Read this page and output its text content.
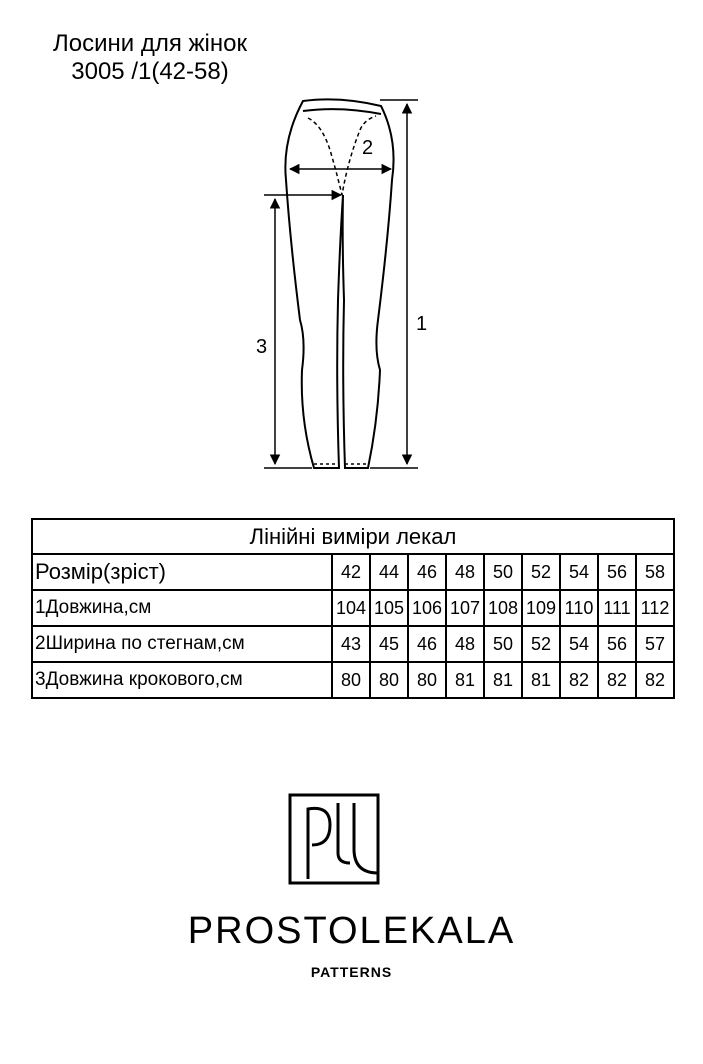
Лосини для жінок
3005 /1(42-58)
2
1
3
Лінійні виміри лекал									
Розмір(зріст)	42	44	46	48	50	52	54	56	58
1Довжина,см	104	105	106	107	108	109	110	111	112
2Ширина по стегнам,см	43	45	46	48	50	52	54	56	57
3Довжина крокового,см	80	80	80	81	81	81	82	82	82
PROSTOLEKALA
PATTERNS
